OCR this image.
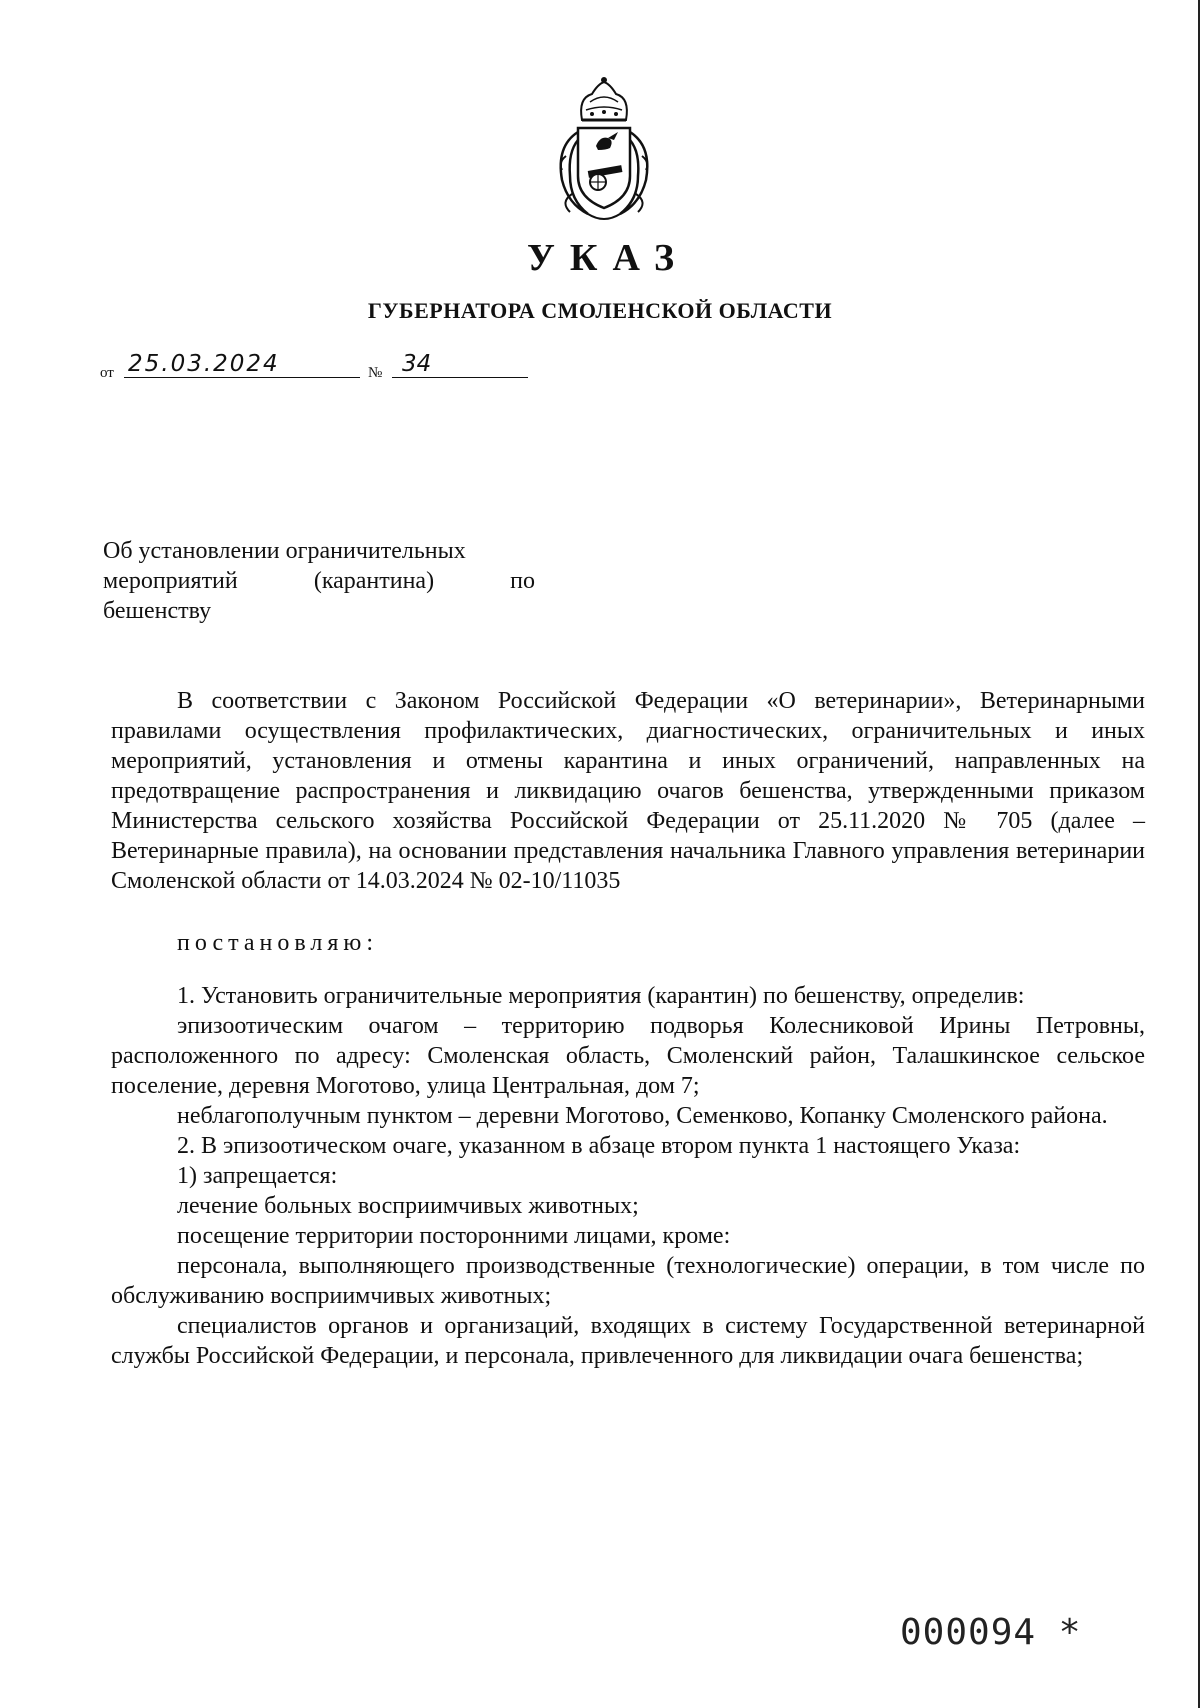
УКАЗ
ГУБЕРНАТОРА СМОЛЕНСКОЙ ОБЛАСТИ
от 25.03.2024	№ 34
Об установлении ограничительных
мероприятий (карантина) по
бешенству

В соответствии с Законом Российской Федерации «О ветеринарии», Ветеринарными правилами осуществления профилактических, диагностических, ограничительных и иных мероприятий, установления и отмены карантина и иных ограничений, направленных на предотвращение распространения и ликвидацию очагов бешенства, утвержденными приказом Министерства сельского хозяйства Российской Федерации от 25.11.2020 № 705 (далее – Ветеринарные правила), на основании представления начальника Главного управления ветеринарии Смоленской области от 14.03.2024 № 02-10/11035

постановляю:

1. Установить ограничительные мероприятия (карантин) по бешенству, определив:

эпизоотическим очагом – территорию подворья Колесниковой Ирины Петровны, расположенного по адресу: Смоленская область, Смоленский район, Талашкинское сельское поселение, деревня Моготово, улица Центральная, дом 7;

неблагополучным пунктом – деревни Моготово, Семенково, Копанку Смоленского района.

2. В эпизоотическом очаге, указанном в абзаце втором пункта 1 настоящего Указа:

1) запрещается:

лечение больных восприимчивых животных;

посещение территории посторонними лицами, кроме:

персонала, выполняющего производственные (технологические) операции, в том числе по обслуживанию восприимчивых животных;

специалистов органов и организаций, входящих в систему Государственной ветеринарной службы Российской Федерации, и персонала, привлеченного для ликвидации очага бешенства;

000094 *
